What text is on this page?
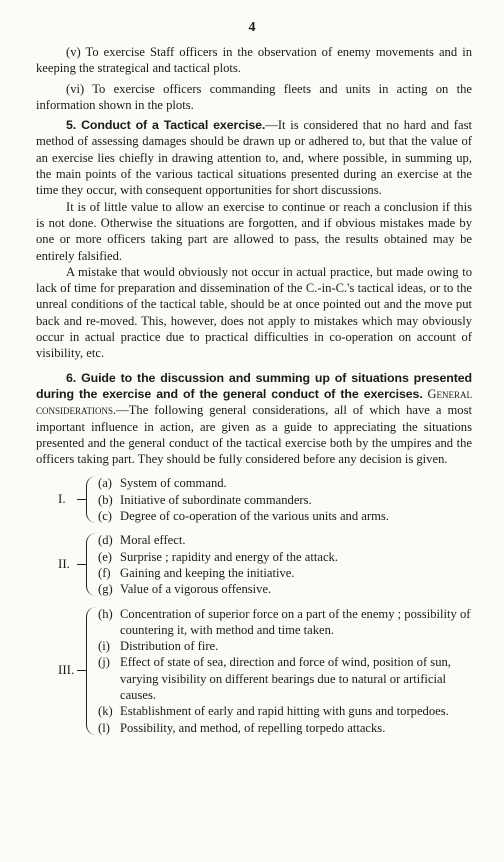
4

(v) To exercise Staff officers in the observation of enemy movements and in keeping the strategical and tactical plots.

(vi) To exercise officers commanding fleets and units in acting on the information shown in the plots.

5. Conduct of a Tactical exercise.—It is considered that no hard and fast method of assessing damages should be drawn up or adhered to, but that the value of an exercise lies chiefly in drawing attention to, and, where possible, in summing up, the main points of the various tactical situations presented during an exercise at the time they occur, with consequent opportunities for short discussions.

It is of little value to allow an exercise to continue or reach a conclusion if this is not done. Otherwise the situations are forgotten, and if obvious mistakes made by one or more officers taking part are allowed to pass, the results obtained may be entirely falsified.

A mistake that would obviously not occur in actual practice, but made owing to lack of time for preparation and dissemination of the C.-in-C.'s tactical ideas, or to the unreal conditions of the tactical table, should be at once pointed out and the move put back and re-moved. This, however, does not apply to mistakes which may obviously occur in actual practice due to practical difficulties in co-operation on account of visibility, etc.

6. Guide to the discussion and summing up of situations presented during the exercise and of the general conduct of the exercises. General considerations.—The following general considerations, all of which have a most important influence in action, are given as a guide to appreciating the situations presented and the general conduct of the tactical exercise both by the umpires and the officers taking part. They should be fully considered before any decision is given.

I.
(a) System of command.
(b) Initiative of subordinate commanders.
(c) Degree of co-operation of the various units and arms.
II.
(d) Moral effect.
(e) Surprise ; rapidity and energy of the attack.
(f) Gaining and keeping the initiative.
(g) Value of a vigorous offensive.
III.
(h) Concentration of superior force on a part of the enemy ; possibility of countering it, with method and time taken.
(i) Distribution of fire.
(j) Effect of state of sea, direction and force of wind, position of sun, varying visibility on different bearings due to natural or artificial causes.
(k) Establishment of early and rapid hitting with guns and torpedoes.
(l) Possibility, and method, of repelling torpedo attacks.
